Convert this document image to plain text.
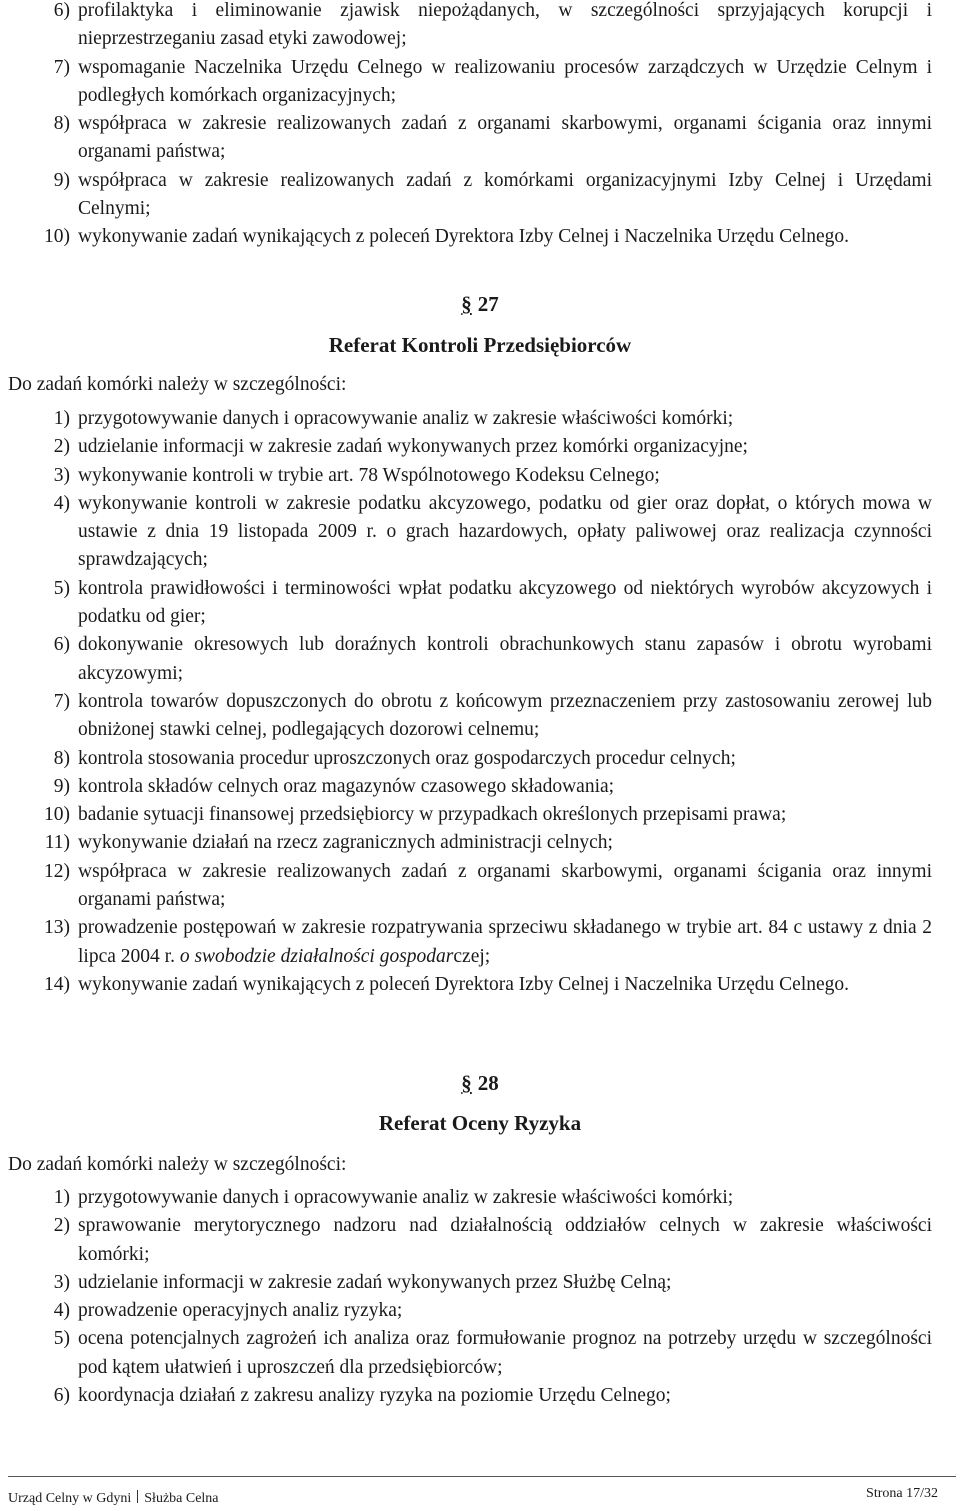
6) profilaktyka i eliminowanie zjawisk niepożądanych, w szczególności sprzyjających korupcji i nieprzestrzeganiu zasad etyki zawodowej;
7) wspomaganie Naczelnika Urzędu Celnego w realizowaniu procesów zarządczych w Urzędzie Celnym i podległych komórkach organizacyjnych;
8) współpraca w zakresie realizowanych zadań z organami skarbowymi, organami ścigania oraz innymi organami państwa;
9) współpraca w zakresie realizowanych zadań z komórkami organizacyjnymi Izby Celnej i Urzędami Celnymi;
10) wykonywanie zadań wynikających z poleceń Dyrektora Izby Celnej i Naczelnika Urzędu Celnego.
§ 27
Referat Kontroli Przedsiębiorców
Do zadań komórki należy w szczególności:
1) przygotowywanie danych i opracowywanie analiz w zakresie właściwości komórki;
2) udzielanie informacji w zakresie zadań wykonywanych przez komórki organizacyjne;
3) wykonywanie kontroli w trybie art. 78 Wspólnotowego Kodeksu Celnego;
4) wykonywanie kontroli w zakresie podatku akcyzowego, podatku od gier oraz dopłat, o których mowa w ustawie z dnia 19 listopada 2009 r. o grach hazardowych, opłaty paliwowej oraz realizacja czynności sprawdzających;
5) kontrola prawidłowości i terminowości wpłat podatku akcyzowego od niektórych wyrobów akcyzowych i podatku od gier;
6) dokonywanie okresowych lub doraźnych kontroli obrachunkowych stanu zapasów i obrotu wyrobami akcyzowymi;
7) kontrola towarów dopuszczonych do obrotu z końcowym przeznaczeniem przy zastosowaniu zerowej lub obniżonej stawki celnej, podlegających dozorowi celnemu;
8) kontrola stosowania procedur uproszczonych oraz gospodarczych procedur celnych;
9) kontrola składów celnych oraz magazynów czasowego składowania;
10) badanie sytuacji finansowej przedsiębiorcy w przypadkach określonych przepisami prawa;
11) wykonywanie działań na rzecz zagranicznych administracji celnych;
12) współpraca w zakresie realizowanych zadań z organami skarbowymi, organami ścigania oraz innymi organami państwa;
13) prowadzenie postępowań w zakresie rozpatrywania sprzeciwu składanego w trybie art. 84 c ustawy z dnia 2 lipca 2004 r. o swobodzie działalności gospodarczej;
14) wykonywanie zadań wynikających z poleceń Dyrektora Izby Celnej i Naczelnika Urzędu Celnego.
§ 28
Referat Oceny Ryzyka
Do zadań komórki należy w szczególności:
1) przygotowywanie danych i opracowywanie analiz w zakresie właściwości komórki;
2) sprawowanie merytorycznego nadzoru nad działalnością oddziałów celnych w zakresie właściwości komórki;
3) udzielanie informacji w zakresie zadań wykonywanych przez Służbę Celną;
4) prowadzenie operacyjnych analiz ryzyka;
5) ocena potencjalnych zagrożeń ich analiza oraz formułowanie prognoz na potrzeby urzędu w szczególności pod kątem ułatwień i uproszczeń dla przedsiębiorców;
6) koordynacja działań z zakresu analizy ryzyka na poziomie Urzędu Celnego;
Urząd Celny w Gdyni Służba Celna	Strona 17/32
